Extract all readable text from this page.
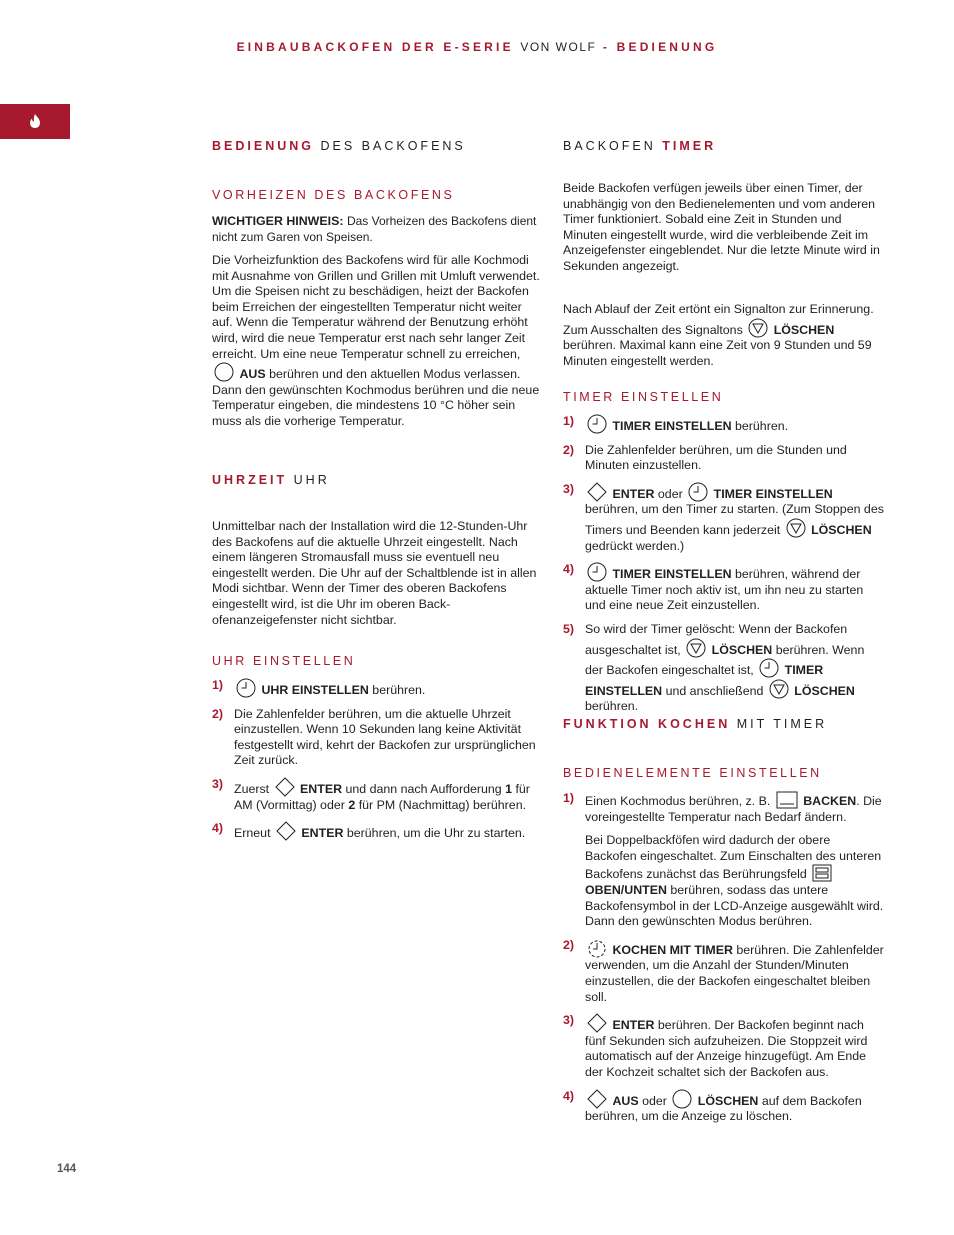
EINBAUBACKOFEN DER E-SERIE VON WOLF - BEDIENUNG
BEDIENUNG DES BACKOFENS
VORHEIZEN DES BACKOFENS
WICHTIGER HINWEIS: Das Vorheizen des Backofens dient nicht zum Garen von Speisen.
Die Vorheizfunktion des Backofens wird für alle Kochmodi mit Ausnahme von Grillen und Grillen mit Umluft verwendet. Um die Speisen nicht zu beschädigen, heizt der Backofen beim Erreichen der eingestellten Temperatur nicht weiter auf. Wenn die Temperatur während der Benutzung erhöht wird, wird die neue Temperatur erst nach sehr langer Zeit erreicht. Um eine neue Temperatur schnell zu erreichen,  AUS berühren und den aktuellen Modus verlassen. Dann den gewünschten Kochmodus berühren und die neue Temperatur eingeben, die mindestens 10 °C höher sein muss als die vorherige Temperatur.
UHRZEIT UHR
Unmittelbar nach der Installation wird die 12-Stunden-Uhr des Backofens auf die aktuelle Uhrzeit eingestellt. Nach einem längeren Stromausfall muss sie eventuell neu eingestellt werden. Die Uhr auf der Schaltblende ist in allen Modi sichtbar. Wenn der Timer des oberen Backofens eingestellt wird, ist die Uhr im oberen Backofenanzeigefenster nicht sichtbar.
UHR EINSTELLEN
1)	UHR EINSTELLEN berühren.
2) Die Zahlenfelder berühren, um die aktuelle Uhrzeit einzustellen. Wenn 10 Sekunden lang keine Aktivität festgestellt wird, kehrt der Backofen zur ursprünglichen Zeit zurück.
3) Zuerst ENTER und dann nach Aufforderung 1 für AM (Vormittag) oder 2 für PM (Nachmittag) berühren.
4) Erneut ENTER berühren, um die Uhr zu starten.
BACKOFEN TIMER
Beide Backofen verfügen jeweils über einen Timer, der unabhängig von den Bedienelementen und vom anderen Timer funktioniert. Sobald eine Zeit in Stunden und Minuten eingestellt wurde, wird die verbleibende Zeit im Anzeigefenster eingeblendet. Nur die letzte Minute wird in Sekunden angezeigt.
Nach Ablauf der Zeit ertönt ein Signalton zur Erinnerung. Zum Ausschalten des Signaltons LÖSCHEN berühren. Maximal kann eine Zeit von 9 Stunden und 59 Minuten eingestellt werden.
TIMER EINSTELLEN
1)	TIMER EINSTELLEN berühren.
2) Die Zahlenfelder berühren, um die Stunden und Minuten einzustellen.
3)	ENTER oder TIMER EINSTELLEN berühren, um den Timer zu starten. (Zum Stoppen des Timers und Beenden kann jederzeit LÖSCHEN gedrückt werden.)
4)	TIMER EINSTELLEN berühren, während der aktuelle Timer noch aktiv ist, um ihn neu zu starten und eine neue Zeit einzustellen.
5) So wird der Timer gelöscht: Wenn der Backofen ausgeschaltet ist, LÖSCHEN berühren. Wenn der Backofen eingeschaltet ist, TIMER EINSTELLEN und anschließend LÖSCHEN berühren.
FUNKTION KOCHEN MIT TIMER
BEDIENELEMENTE EINSTELLEN
1) Einen Kochmodus berühren, z. B.	BACKEN. Die voreingestellte Temperatur nach Bedarf ändern.
Bei Doppelbackföfen wird dadurch der obere Backofen eingeschaltet. Zum Einschalten des unteren Backofens zunächst das Berührungsfeld  OBEN/UNTEN berühren, sodass das untere Backofensymbol in der LCD-Anzeige ausgewählt wird. Dann den gewünschten Modus berühren.
2)	KOCHEN MIT TIMER berühren. Die Zahlenfelder verwenden, um die Anzahl der Stunden/Minuten einzustellen, die der Backofen eingeschaltet bleiben soll.
3)	ENTER berühren. Der Backofen beginnt nach fünf Sekunden sich aufzuheizen. Die Stoppzeit wird automatisch auf der Anzeige hinzugefügt. Am Ende der Kochzeit schaltet sich der Backofen aus.
4)	AUS oder LÖSCHEN auf dem Backofen berühren, um die Anzeige zu löschen.
144
